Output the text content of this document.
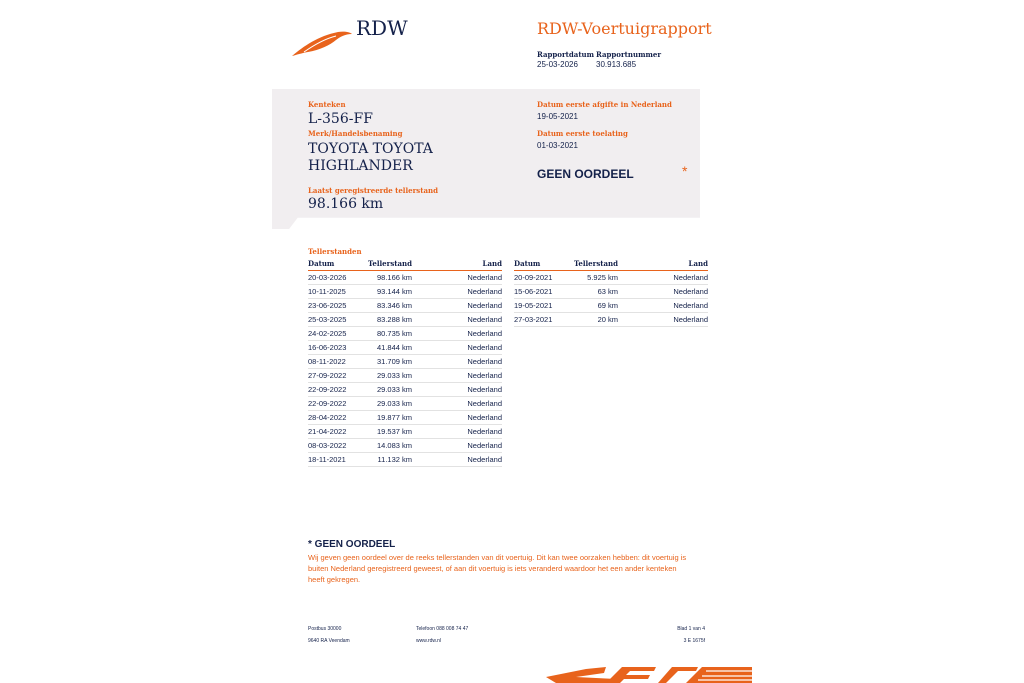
RDW	RDW-Voertuigrapport
Rapportdatum
25-03-2026
Rapportnummer
30.913.685
Kenteken
L-356-FF
Merk/Handelsbenaming
TOYOTA TOYOTA
HIGHLANDER
Laatst geregistreerde tellerstand
98.166 km
Datum eerste afgifte in Nederland
19-05-2021
Datum eerste toelating
01-03-2021
GEEN OORDEEL	*
Tellerstanden
Datum	Tellerstand	Land
20-03-2026	98.166 km	Nederland
10-11-2025	93.144 km	Nederland
23-06-2025	83.346 km	Nederland
25-03-2025	83.288 km	Nederland
24-02-2025	80.735 km	Nederland
16-06-2023	41.844 km	Nederland
08-11-2022	31.709 km	Nederland
27-09-2022	29.033 km	Nederland
22-09-2022	29.033 km	Nederland
22-09-2022	29.033 km	Nederland
28-04-2022	19.877 km	Nederland
21-04-2022	19.537 km	Nederland
08-03-2022	14.083 km	Nederland
18-11-2021	11.132 km	Nederland
Datum	Tellerstand	Land
20-09-2021	5.925 km	Nederland
15-06-2021	63 km	Nederland
19-05-2021	69 km	Nederland
27-03-2021	20 km	Nederland
* GEEN OORDEEL
Wij geven geen oordeel over de reeks tellerstanden van dit voertuig. Dit kan twee oorzaken hebben: dit voertuig is
buiten Nederland geregistreerd geweest, of aan dit voertuig is iets veranderd waardoor het een ander kenteken
heeft gekregen.
Postbus 30000
9640 RA Veendam
Telefoon 088 008 74 47
www.rdw.nl
Blad 1 van 4
3 E 1675f
